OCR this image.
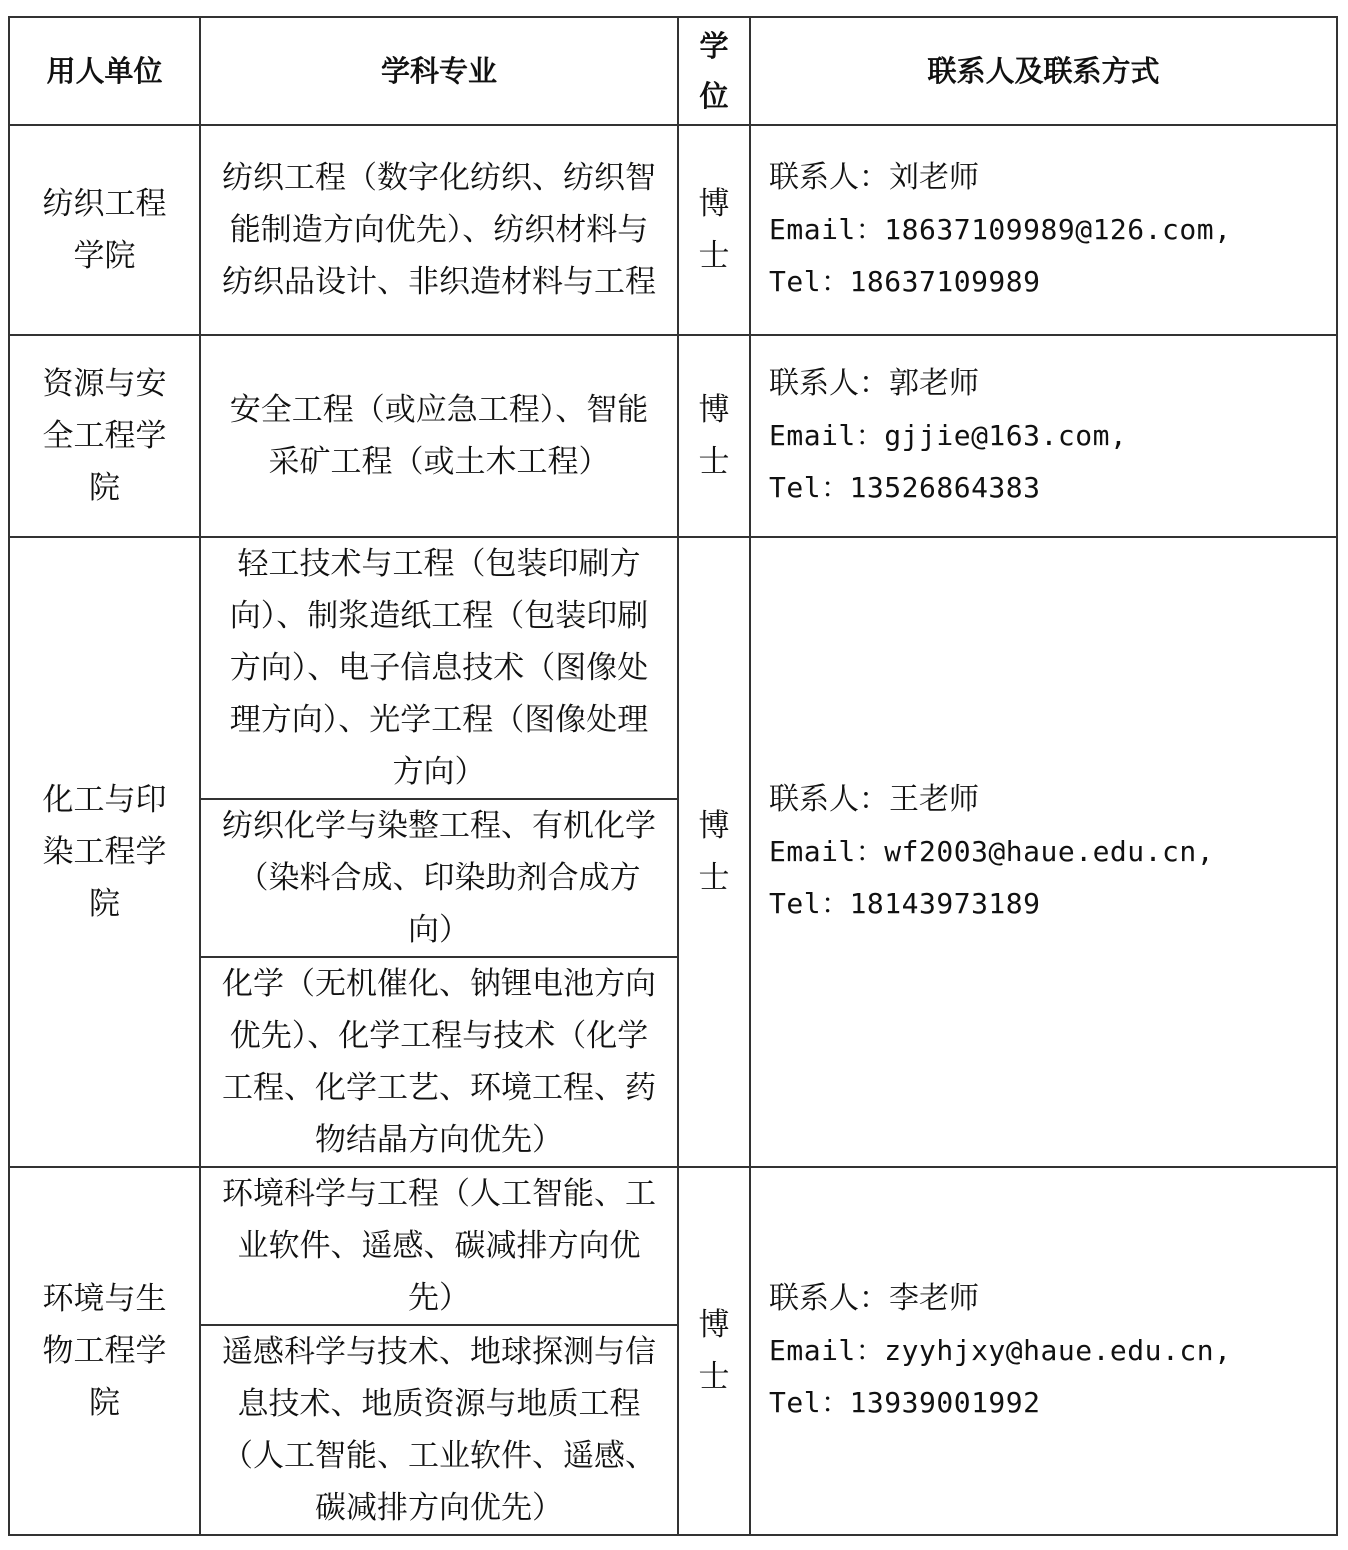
用人单位	学科专业	学位	联系人及联系方式
纺织工程学院	纺织工程（数字化纺织、纺织智能制造方向优先）、纺织材料与纺织品设计、非织造材料与工程	博士	联系人：刘老师
Email：18637109989@126.com,
Tel：18637109989

资源与安全工程学院	安全工程（或应急工程）、智能采矿工程（或土木工程）	博士	联系人：郭老师
Email：gjjie@163.com,
Tel：13526864383

化工与印染工程学院	轻工技术与工程（包装印刷方向）、制浆造纸工程（包装印刷方向）、电子信息技术（图像处理方向）、光学工程（图像处理方向）	博士	联系人：王老师
Email：wf2003@haue.edu.cn,
Tel：18143973189

	纺织化学与染整工程、有机化学（染料合成、印染助剂合成方向）		
	化学（无机催化、钠锂电池方向优先）、化学工程与技术（化学工程、化学工艺、环境工程、药物结晶方向优先）		
环境与生物工程学院	环境科学与工程（人工智能、工业软件、遥感、碳减排方向优先）	博士	联系人：李老师
Email：zyyhjxy@haue.edu.cn,
Tel：13939001992

	遥感科学与技术、地球探测与信息技术、地质资源与地质工程（人工智能、工业软件、遥感、碳减排方向优先）		
